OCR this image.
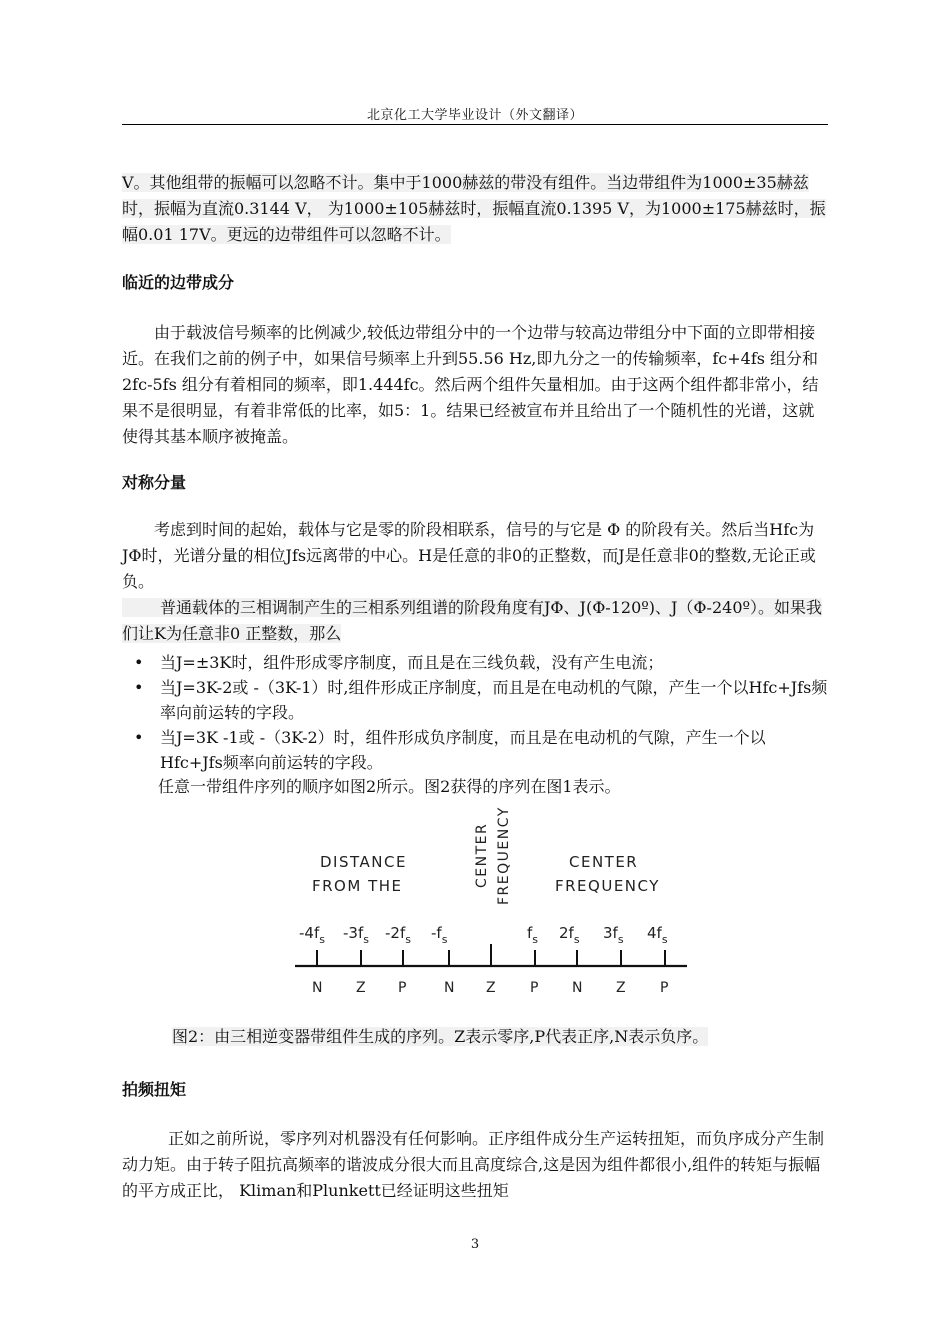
北京化工大学毕业设计（外文翻译）

V。其他组带的振幅可以忽略不计。集中于1000赫兹的带没有组件。当边带组件为1000±35赫兹时，振幅为直流0.3144 V， 为1000±105赫兹时，振幅直流0.1395 V，为1000±175赫兹时，振幅0.01 17V。更远的边带组件可以忽略不计。

临近的边带成分

由于载波信号频率的比例减少,较低边带组分中的一个边带与较高边带组分中下面的立即带相接近。在我们之前的例子中，如果信号频率上升到55.56 Hz,即九分之一的传输频率，fc+4fs 组分和2fc-5fs 组分有着相同的频率，即1.444fc。然后两个组件矢量相加。由于这两个组件都非常小，结果不是很明显，有着非常低的比率，如5：1。结果已经被宣布并且给出了一个随机性的光谱，这就使得其基本顺序被掩盖。

对称分量

考虑到时间的起始，载体与它是零的阶段相联系，信号的与它是 Φ 的阶段有关。然后当Hfc为JΦ时，光谱分量的相位Jfs远离带的中心。H是任意的非0的正整数，而J是任意非0的整数,无论正或负。

普通载体的三相调制产生的三相系列组谱的阶段角度有JΦ、J(Φ-120º)、J（Φ-240º）。如果我们让K为任意非0 正整数，那么

• 当J=±3K时，组件形成零序制度，而且是在三线负载，没有产生电流；
• 当J=3K-2或 -（3K-1）时,组件形成正序制度，而且是在电动机的气隙，产生一个以Hfc+Jfs频率向前运转的字段。
• 当J=3K -1或 -（3K-2）时，组件形成负序制度，而且是在电动机的气隙，产生一个以Hfc+Jfs频率向前运转的字段。

任意一带组件序列的顺序如图2所示。图2获得的序列在图1表示。

DISTANCE
FROM THE	CENTER FREQUENCY	CENTER
FREQUENCY
$-4f_s$
N
$-3f_s$
Z
$-2f_s$
P
$-f_s$
N Z
$f_s$
P
$2f_s$
N
$3f_s$
Z
$4f_s$
P
图2：由三相逆变器带组件生成的序列。Z表示零序,P代表正序,N表示负序。
拍频扭矩

正如之前所说，零序列对机器没有任何影响。正序组件成分生产运转扭矩，而负序成分产生制动力矩。由于转子阻抗高频率的谐波成分很大而且高度综合,这是因为组件都很小,组件的转矩与振幅的平方成正比， Kliman和Plunkett已经证明这些扭矩

3
